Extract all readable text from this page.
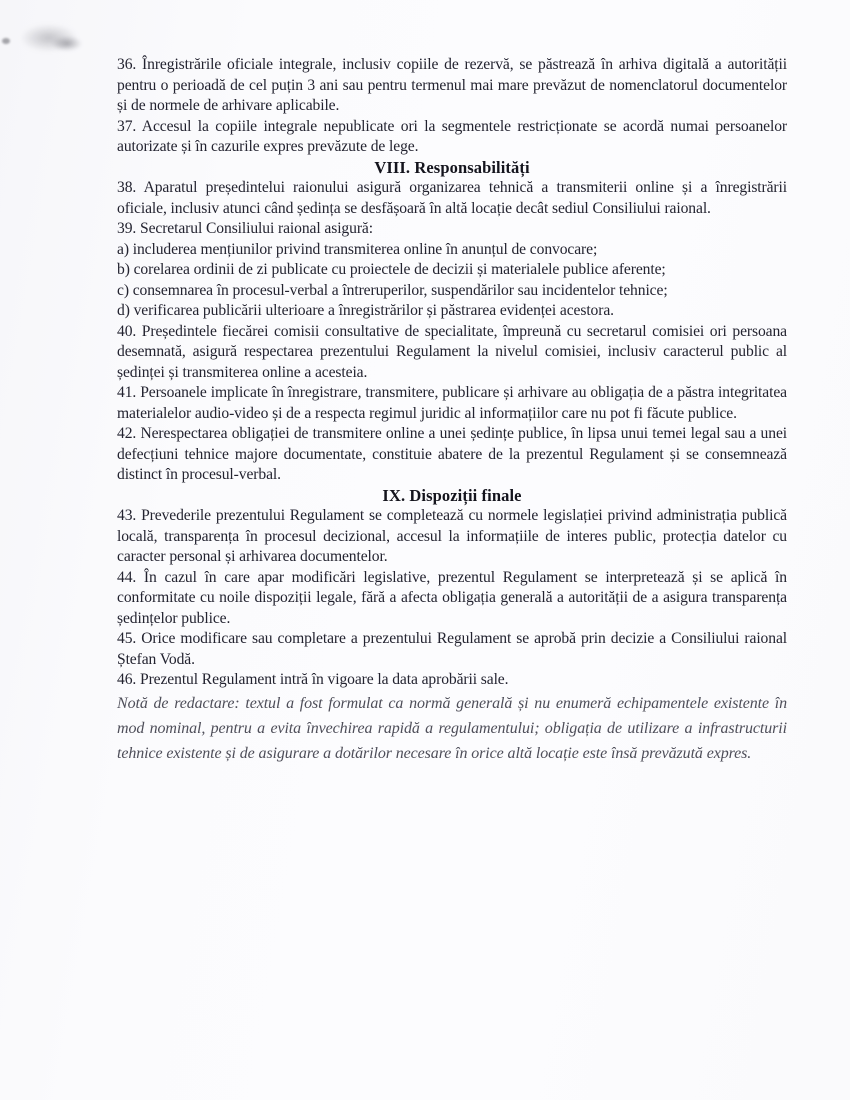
36. Înregistrările oficiale integrale, inclusiv copiile de rezervă, se păstrează în arhiva digitală a autorității pentru o perioadă de cel puțin 3 ani sau pentru termenul mai mare prevăzut de nomenclatorul documentelor și de normele de arhivare aplicabile.

37. Accesul la copiile integrale nepublicate ori la segmentele restricționate se acordă numai persoanelor autorizate și în cazurile expres prevăzute de lege.

VIII. Responsabilități

38. Aparatul președintelui raionului asigură organizarea tehnică a transmiterii online și a înregistrării oficiale, inclusiv atunci când ședința se desfășoară în altă locație decât sediul Consiliului raional.

39. Secretarul Consiliului raional asigură:

a) includerea mențiunilor privind transmiterea online în anunțul de convocare;

b) corelarea ordinii de zi publicate cu proiectele de decizii și materialele publice aferente;

c) consemnarea în procesul-verbal a întreruperilor, suspendărilor sau incidentelor tehnice;

d) verificarea publicării ulterioare a înregistrărilor și păstrarea evidenței acestora.

40. Președintele fiecărei comisii consultative de specialitate, împreună cu secretarul comisiei ori persoana desemnată, asigură respectarea prezentului Regulament la nivelul comisiei, inclusiv caracterul public al ședinței și transmiterea online a acesteia.

41. Persoanele implicate în înregistrare, transmitere, publicare și arhivare au obligația de a păstra integritatea materialelor audio-video și de a respecta regimul juridic al informațiilor care nu pot fi făcute publice.

42. Nerespectarea obligației de transmitere online a unei ședințe publice, în lipsa unui temei legal sau a unei defecțiuni tehnice majore documentate, constituie abatere de la prezentul Regulament și se consemnează distinct în procesul-verbal.

IX. Dispoziții finale

43. Prevederile prezentului Regulament se completează cu normele legislației privind administrația publică locală, transparența în procesul decizional, accesul la informațiile de interes public, protecția datelor cu caracter personal și arhivarea documentelor.

44. În cazul în care apar modificări legislative, prezentul Regulament se interpretează și se aplică în conformitate cu noile dispoziții legale, fără a afecta obligația generală a autorității de a asigura transparența ședințelor publice.

45. Orice modificare sau completare a prezentului Regulament se aprobă prin decizie a Consiliului raional Ștefan Vodă.

46. Prezentul Regulament intră în vigoare la data aprobării sale.

Notă de redactare: textul a fost formulat ca normă generală și nu enumeră echipamentele existente în mod nominal, pentru a evita învechirea rapidă a regulamentului; obligația de utilizare a infrastructurii tehnice existente și de asigurare a dotărilor necesare în orice altă locație este însă prevăzută expres.
